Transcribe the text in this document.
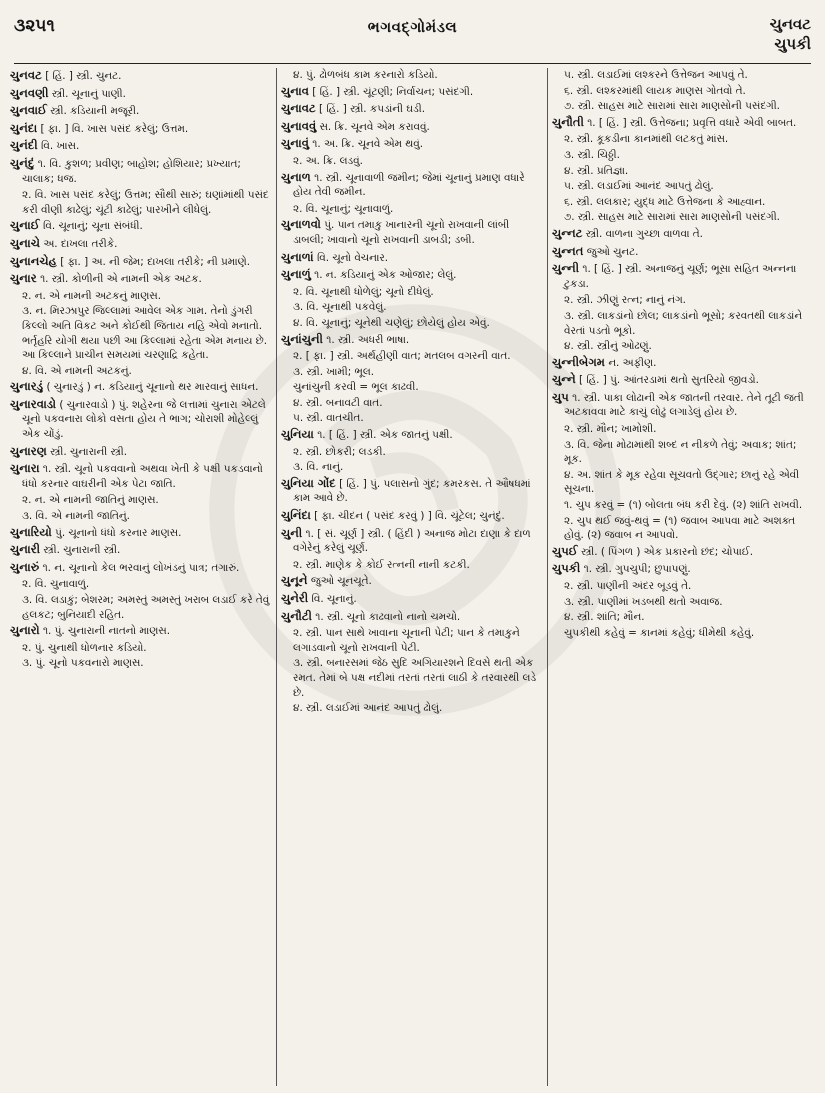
૩૨૫૧	ભગવદ્ગોમંડલ	ચુનવટ
ચુપકી
ચુનવટ [ હિં. ] સ્ત્રી. ચુનટ.
ચુનવણી સ્ત્રી. ચૂનાનું પાણી.
ચુનવાઈ સ્ત્રી. કડિયાની મજૂરી.
ચુનંદા [ ફા. ] વિ. ખાસ પસંદ કરેલું; ઉત્તમ.
ચુનંદી વિ. ખાસ.
ચુનંદું ૧. વિ. કુશળ; પ્રવીણ; બાહોશ; હોશિયાર; પ્રખ્યાત; ચાલાક; ધજ.
૨. વિ. ખાસ પસંદ કરેલું; ઉત્તમ; સૌથી સારું; ઘણાંમાંથી પસંદ કરી વીણી કાઢેલું; ચૂંટી કાઢેલું; પારખીને લીધેલું.
ચુનાઈ વિ. ચૂનાનું; ચૂના સંબંધી.
ચુનાચે અ. દાખલા તરીકે.
ચુનાનચેહ [ ફા. ] અ. ની જેમ; દાખલા તરીકે; ની પ્રમાણે.
ચુનાર ૧. સ્ત્રી. કોળીની એ નામની એક અટક.
૨. ન. એ નામની અટકનું માણસ.
૩. ન. મિરઝાપુર જિલ્લામાં આવેલ એક ગામ. તેનો ડુંગરી કિલ્લો અતિ વિકટ અને કોઈથી જિતાય નહિ એવો મનાતો. ભર્તૃહરિ યોગી થયા પછી આ કિલ્લામાં રહેતા એમ મનાય છે. આ કિલ્લાને પ્રાચીન સમયમાં ચરણાદ્રિ કહેતા.
૪. વિ. એ નામની અટકનું.
ચુનારડું ( ચુનારડું ) ન. કડિયાનું ચૂનાનો થર મારવાનું સાધન.
ચુનારવાડો ( ચુનારવાડો ) પું. શહેરના જે લત્તામાં ચુનારા એટલે ચૂનો પકવનારા લોકો વસતા હોય તે ભાગ; ચોરાશી મોહેલ્લું એક ચોંડું.
ચુનારણ સ્ત્રી. ચુનારાની સ્ત્રી.
ચુનારા ૧. સ્ત્રી. ચૂનો પકવવાનો અથવા ખેતી કે પક્ષી પકડવાનો ધંધો કરનાર વાઘરીની એક પેટા જાતિ.
૨. ન. એ નામની જાતિનું માણસ.
૩. વિ. એ નામની જાતિનું.
ચુનારિયો પું. ચૂનાનો ધંધો કરનાર માણસ.
ચુનારી સ્ત્રી. ચુનારાની સ્ત્રી.
ચુનારું ૧. ન. ચૂનાનો કેલ ભરવાનું લોખંડનું પાત્ર; તગારું.
૨. વિ. ચુનાવાળું.
૩. વિ. લડાકું; બેશરમ; અમસ્તું અમસ્તું ખરાબ લડાઈ કરે તેવું હલકટ; બુનિયાદી રહિત.
ચુનારો ૧. પું. ચુનારાની નાતનો માણસ.
૨. પું. ચુનાથી ધોળનાર કડિયો.
૩. પું. ચૂનો પકવનારો માણસ.
૪. પું. ઢોળબંધ કામ કરનારો કડિયો.
ચુનાવ [ હિં. ] સ્ત્રી. ચૂંટણી; નિર્વાચન; પસંદગી.
ચુનાવટ [ હિં. ] સ્ત્રી. કપડાંની ઘડી.
ચુનાવવું સ. ક્રિ. ચૂનવે એમ કરાવવું.
ચુનાવું ૧. અ. ક્રિ. ચૂનવે એમ થવું.
૨. અ. ક્રિ. લડવું.
ચુનાળ ૧. સ્ત્રી. ચૂનાવાળી જમીન; જેમાં ચૂનાનું પ્રમાણ વધારે હોય તેવી જમીન.
૨. વિ. ચૂનાનું; ચૂનાવાળું.
ચુનાળવો પું. પાન તમાકુ ખાનારની ચૂનો રાખવાની લાંબી ડાબલી; ખાવાનો ચૂનો રાખવાની ડાબડી; ડબી.
ચુનાળાં વિ. ચૂનો વેચનાર.
ચુનાળું ૧. ન. કડિયાનું એક ઓજાર; લેલું.
૨. વિ. ચૂનાથી ધોળેલું; ચૂનો દીધેલું.
૩. વિ. ચૂનાથી પકવેલું.
૪. વિ. ચૂનાનું; ચૂનેથી ચણેલું; છોયેલું હોય એવું.
ચુનાંચુની ૧. સ્ત્રી. અધરી ભાષા.
૨. [ ફા. ] સ્ત્રી. અર્થહીણી વાત; મતલબ વગરની વાત.
૩. સ્ત્રી. ખામી; ભૂલ.
ચુનાંચુની કરવી = ભૂલ કાઢવી.
૪. સ્ત્રી. બનાવટી વાત.
૫. સ્ત્રી. વાતચીત.
ચુનિયા ૧. [ હિં. ] સ્ત્રી. એક જાતનું પક્ષી.
૨. સ્ત્રી. છોકરી; લડકી.
૩. વિ. નાનું.
ચુનિયા ગોંદ [ હિં. ] પું. પલાસનો ગુંદ; કમરકસ. તે ઔષધમાં કામ આવે છે.
ચુનિંદા [ ફા. ચીદન ( પસંદ કરવું ) ] વિ. ચૂંટેલ; ચુનંદું.
ચુની ૧. [ સં. ચૂર્ણ ] સ્ત્રી. ( હિંદી ) અનાજ મોટા દાણા કે દાળ વગેરેનું કરેલું ચૂર્ણ.
૨. સ્ત્રી. માણેક કે કોઈ રત્નની નાની કટકી.
ચુનૂને જુઓ ચૂનચૂતે.
ચુનેરી વિ. ચૂનાનું.
ચુનૌટી ૧. સ્ત્રી. ચૂનો કાઢવાનો નાનો ચમચો.
૨. સ્ત્રી. પાન સાથે ખાવાના ચૂનાની પેટી; પાન કે તમાકુને લગાડવાનો ચૂનો રાખવાની પેટી.
૩. સ્ત્રી. બનારસમાં જેઠ સુદિ અગિયારશને દિવસે થતી એક રમત. તેમાં બે પક્ષ નદીમાં તરતાં તરતાં લાઠી કે તરવારથી લડે છે.
૪. સ્ત્રી. લડાઈમાં આનંદ આપતું ઢોલું.
૫. સ્ત્રી. લડાઈમાં લશ્કરને ઉત્તેજન આપવું તે.
૬. સ્ત્રી. લશ્કરમાંથી લાયક માણસ ગોતવો તે.
૭. સ્ત્રી. સાહસ માટે સારામાં સારા માણસોની પસંદગી.
ચુનૌતી ૧. [ હિં. ] સ્ત્રી. ઉત્તેજના; પ્રવૃત્તિ વધારે એવી બાબત.
૨. સ્ત્રી. કૂકડીના કાનમાંથી લટકતું માંસ.
૩. સ્ત્રી. ચિઠ્ઠી.
૪. સ્ત્રી. પ્રતિજ્ઞા.
૫. સ્ત્રી. લડાઈમાં આનંદ આપતું ઢોલું.
૬. સ્ત્રી. લલકાર; યુદ્ધ માટે ઉત્તેજના કે આહ્વાન.
૭. સ્ત્રી. સાહસ માટે સારામાં સારા માણસોની પસંદગી.
ચુન્નટ સ્ત્રી. વાળના ગુચ્છા વાળવા તે.
ચુન્નત જુઓ ચુનટ.
ચુન્ની ૧. [ હિં. ] સ્ત્રી. અનાજનું ચૂર્ણ; ભૂસા સહિત અન્નના ટુકડા.
૨. સ્ત્રી. ઝીણું રત્ન; નાનું નંગ.
૩. સ્ત્રી. લાકડાંનો છોલ; લાકડાંનો ભૂસો; કરવતથી લાકડાંને વેરતાં પડતો ભૂકો.
૪. સ્ત્રી. સ્ત્રીનું ઓઢણું.
ચુન્નીબેગમ ન. અફીણ.
ચુન્ને [ હિં. ] પું. આંતરડામાં થતો સુતરિયો જીવડો.
ચુપ ૧. સ્ત્રી. પાકા લોઢાની એક જાતની તરવાર. તેને તૂટી જતી અટકાવવા માટે કાચું લોઢું લગાડેલું હોય છે.
૨. સ્ત્રી. મૌન; ખામોશી.
૩. વિ. જેના મોઢામાંથી શબ્દ ન નીકળે તેવું; અવાક; શાંત; મૂક.
૪. અ. શાંત કે મૂક રહેવા સૂચવતો ઉદ્ગાર; છાનું રહે એવી સૂચના.
૧. ચુપ કરવું = (૧) બોલતા બંધ કરી દેવું. (૨) શાંતિ રાખવી.
૨. ચુપ થઈ જવું-થવું = (૧) જવાબ આપવા માટે અશક્ત હોવું. (૨) જવાબ ન આપવો.
ચુપઈ સ્ત્રી. ( પિંગળ ) એક પ્રકારનો છંદ; ચોપાઈ.
ચુપકી ૧. સ્ત્રી. ગુપચુપી; છુપાપણું.
૨. સ્ત્રી. પાણીની અંદર બૂડવું તે.
૩. સ્ત્રી. પાણીમાં ખડબથી થતો અવાજ.
૪. સ્ત્રી. શાંતિ; મૌન.
ચુપકીથી કહેવું = કાનમાં કહેવું; ધીમેથી કહેવું.
